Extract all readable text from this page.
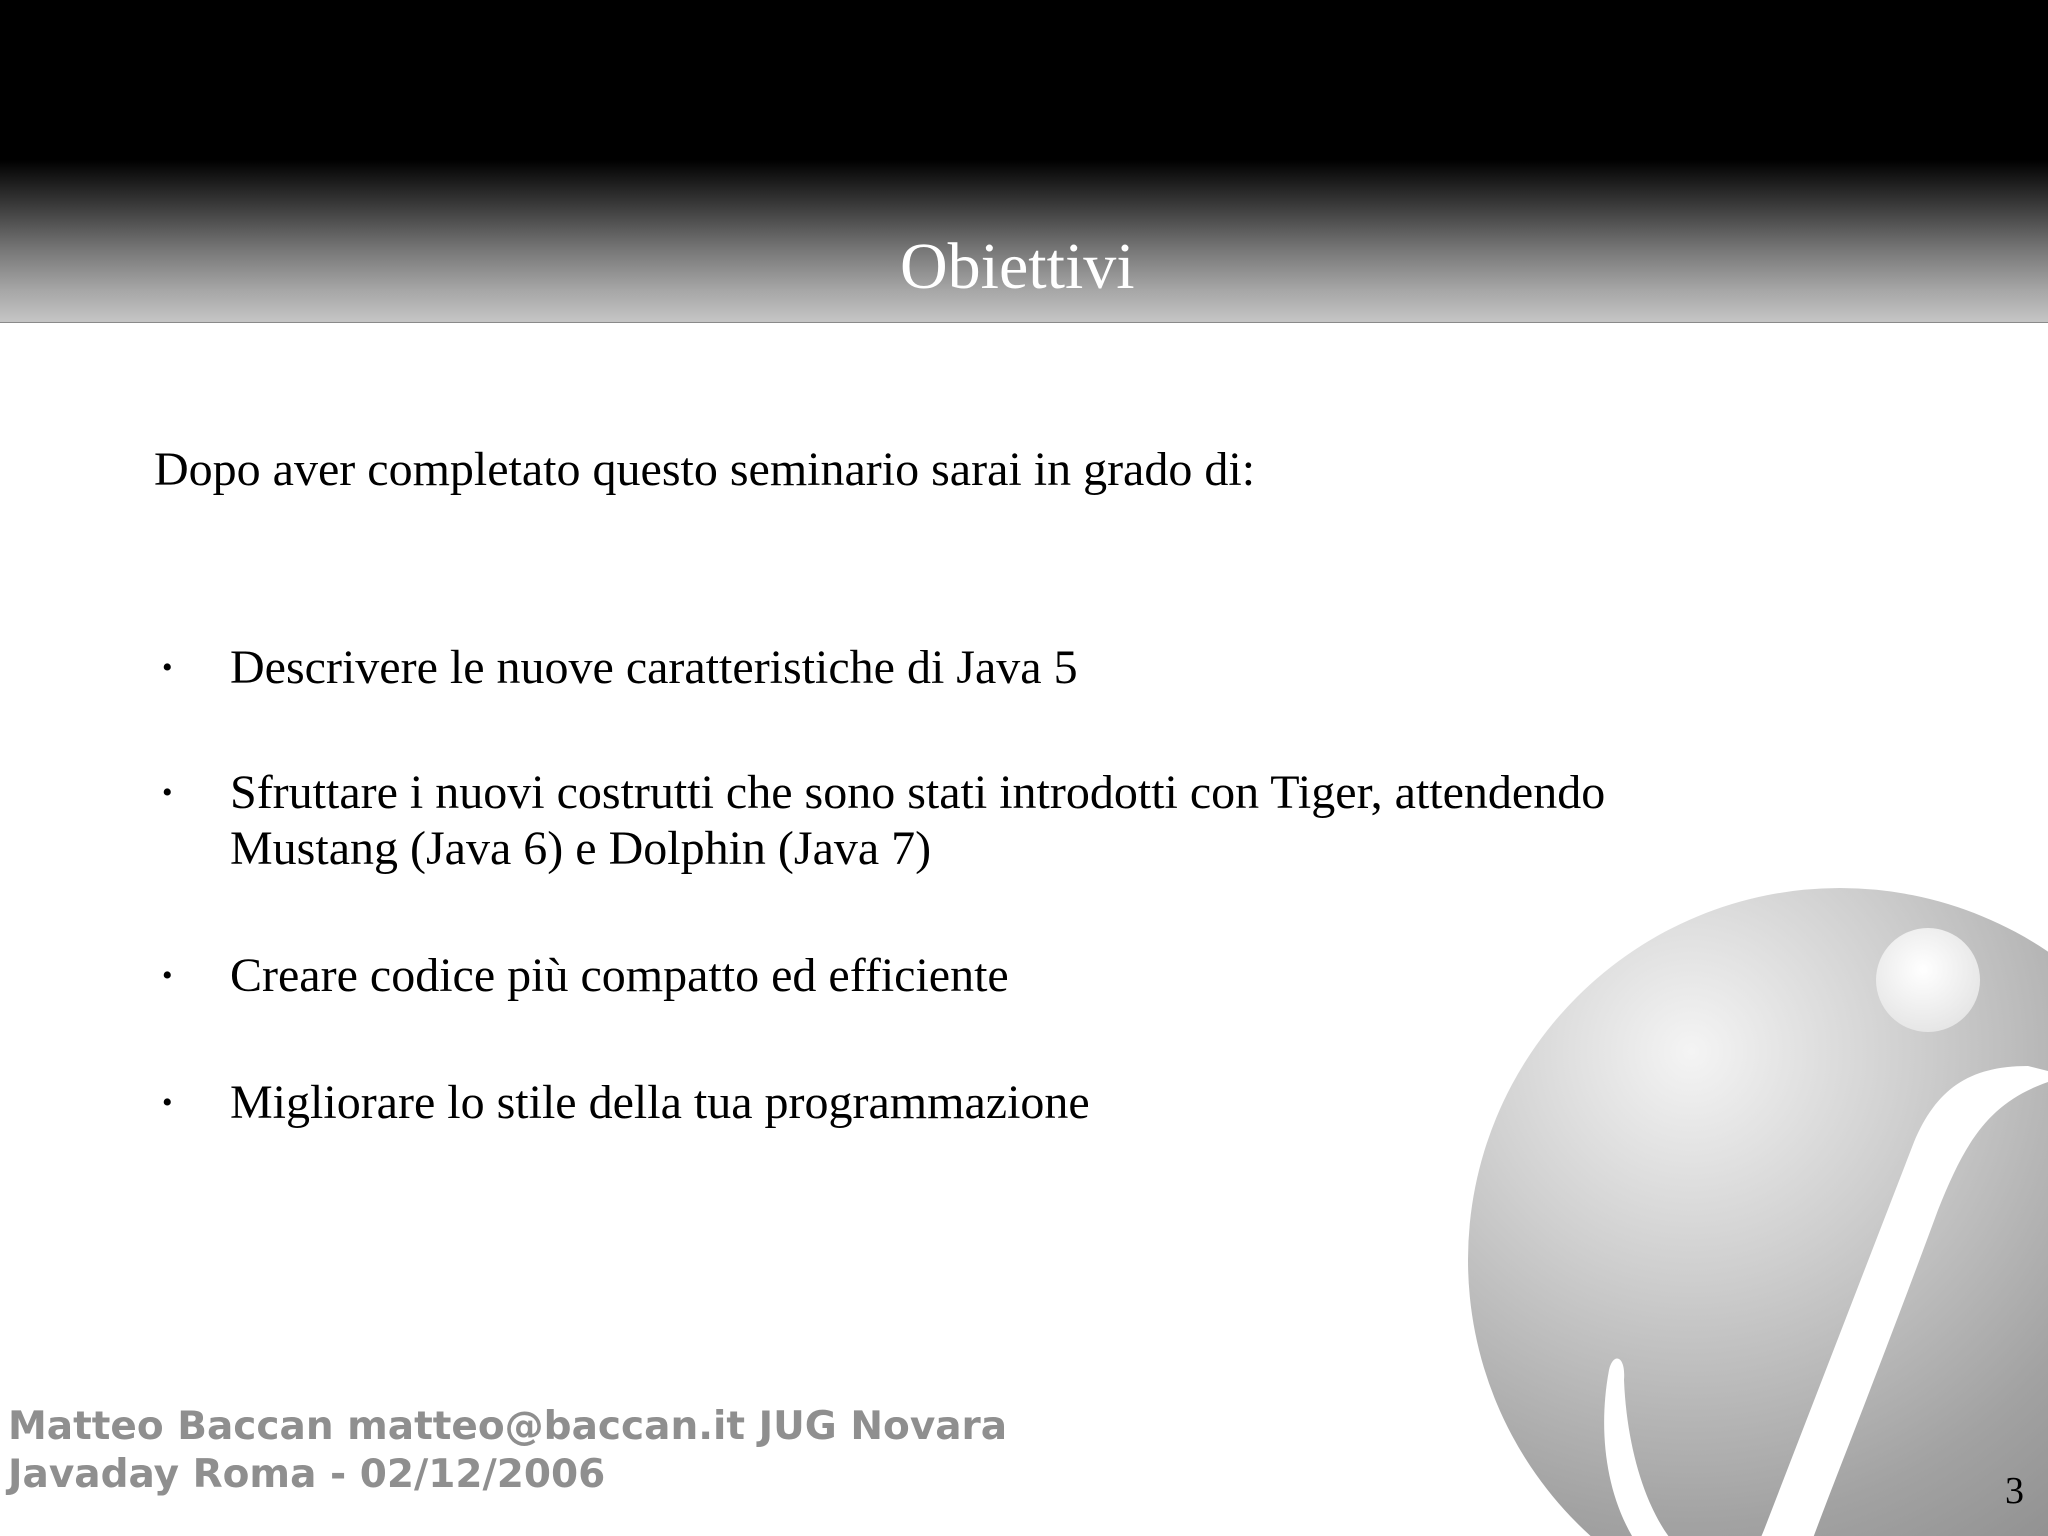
Obiettivi
Dopo aver completato questo seminario sarai in grado di:
• Descrivere le nuove caratteristiche di Java 5
• Sfruttare i nuovi costrutti che sono stati introdotti con Tiger, attendendo
Mustang (Java 6) e Dolphin (Java 7)
• Creare codice più compatto ed efficiente
• Migliorare lo stile della tua programmazione
Matteo Baccan matteo@baccan.it JUG Novara
Javaday Roma - 02/12/2006	3
